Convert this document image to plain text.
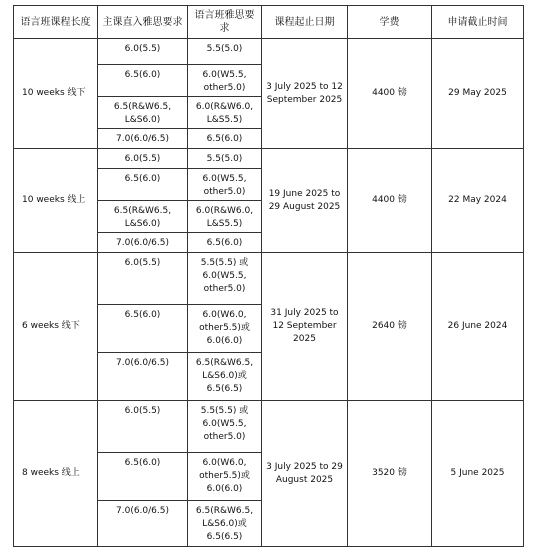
语言班课程长度	主课直入雅思要求	语言班雅思要求	课程起止日期	学费	申请截止时间
10 weeks 线下	6.0(5.5)	5.5(5.0)	3 July 2025 to 12 September 2025	4400 镑	29 May 2025
	6.5(6.0)	6.0(W5.5, other5.0)			
	6.5(R&W6.5, L&S6.0)	6.0(R&W6.0, L&S5.5)			
	7.0(6.0/6.5)	6.5(6.0)			
10 weeks 线上	6.0(5.5)	5.5(5.0)	19 June 2025 to 29 August 2025	4400 镑	22 May 2024
	6.5(6.0)	6.0(W5.5, other5.0)			
	6.5(R&W6.5, L&S6.0)	6.0(R&W6.0, L&S5.5)			
	7.0(6.0/6.5)	6.5(6.0)			
6 weeks 线下	6.0(5.5)	5.5(5.5) 或 6.0(W5.5, other5.0)	31 July 2025 to 12 September 2025	2640 镑	26 June 2024
	6.5(6.0)	6.0(W6.0, other5.5)或 6.0(6.0)			
	7.0(6.0/6.5)	6.5(R&W6.5, L&S6.0)或 6.5(6.5)			
8 weeks 线上	6.0(5.5)	5.5(5.5) 或 6.0(W5.5, other5.0)	3 July 2025 to 29 August 2025	3520 镑	5 June 2025
	6.5(6.0)	6.0(W6.0, other5.5)或 6.0(6.0)			
	7.0(6.0/6.5)	6.5(R&W6.5, L&S6.0)或 6.5(6.5)			
